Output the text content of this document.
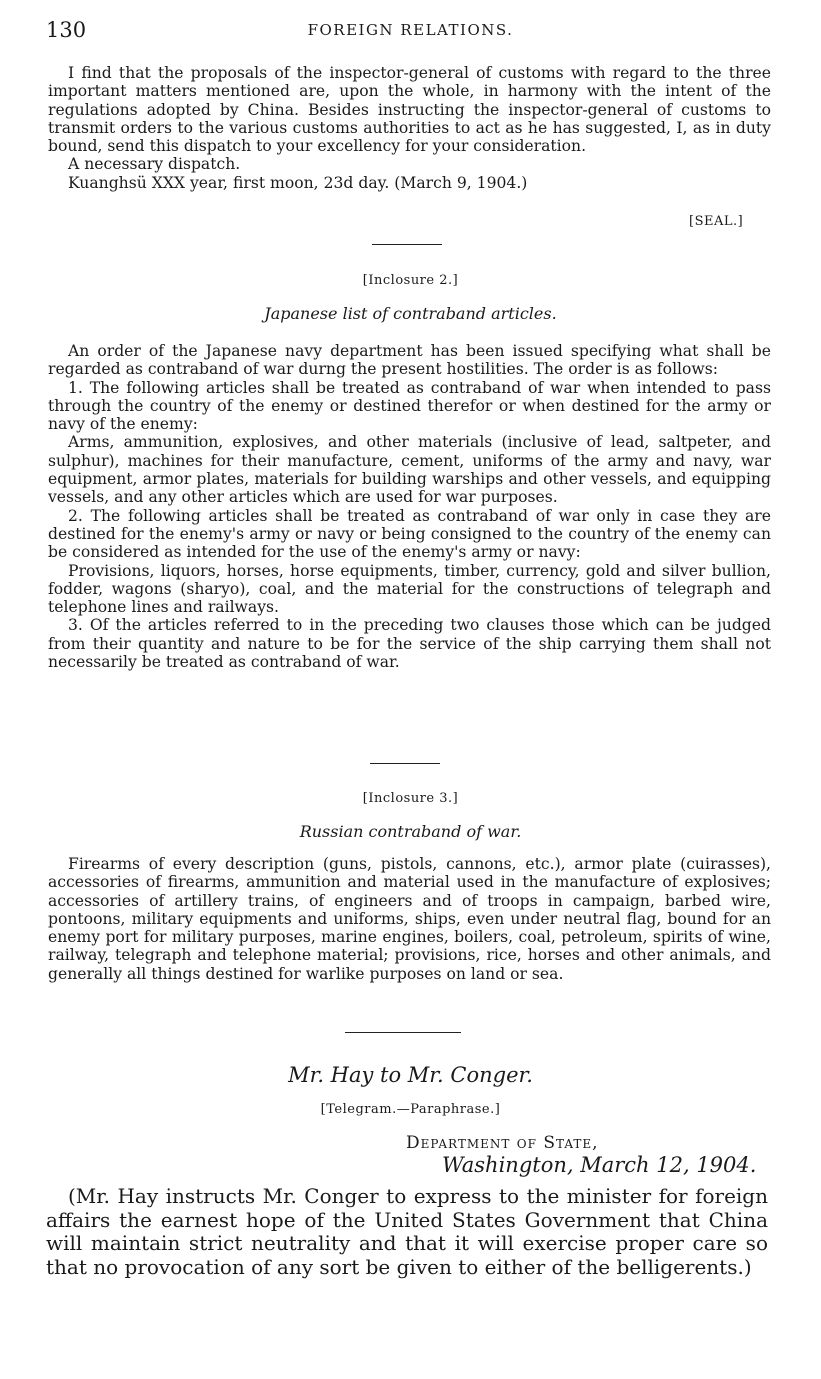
130	FOREIGN RELATIONS.

I find that the proposals of the inspector-general of customs with regard to the three important matters mentioned are, upon the whole, in harmony with the intent of the regulations adopted by China. Besides instructing the inspector-general of customs to transmit orders to the various customs authorities to act as he has suggested, I, as in duty bound, send this dispatch to your excellency for your consideration.

A necessary dispatch.

Kuanghsü XXX year, first moon, 23d day. (March 9, 1904.)

[SEAL.]
[Inclosure 2.]
Japanese list of contraband articles.

An order of the Japanese navy department has been issued specifying what shall be regarded as contraband of war durng the present hostilities. The order is as follows:

1. The following articles shall be treated as contraband of war when intended to pass through the country of the enemy or destined therefor or when destined for the army or navy of the enemy:

Arms, ammunition, explosives, and other materials (inclusive of lead, saltpeter, and sulphur), machines for their manufacture, cement, uniforms of the army and navy, war equipment, armor plates, materials for building warships and other vessels, and equipping vessels, and any other articles which are used for war purposes.

2. The following articles shall be treated as contraband of war only in case they are destined for the enemy's army or navy or being consigned to the country of the enemy can be considered as intended for the use of the enemy's army or navy:

Provisions, liquors, horses, horse equipments, timber, currency, gold and silver bullion, fodder, wagons (sharyo), coal, and the material for the constructions of telegraph and telephone lines and railways.

3. Of the articles referred to in the preceding two clauses those which can be judged from their quantity and nature to be for the service of the ship carrying them shall not necessarily be treated as contraband of war.

[Inclosure 3.]
Russian contraband of war.

Firearms of every description (guns, pistols, cannons, etc.), armor plate (cuirasses), accessories of firearms, ammunition and material used in the manufacture of explosives; accessories of artillery trains, of engineers and of troops in campaign, barbed wire, pontoons, military equipments and uniforms, ships, even under neutral flag, bound for an enemy port for military purposes, marine engines, boilers, coal, petroleum, spirits of wine, railway, telegraph and telephone material; provisions, rice, horses and other animals, and generally all things destined for warlike purposes on land or sea.

Mr. Hay to Mr. Conger.
[Telegram.—Paraphrase.]
Department of State,
Washington, March 12, 1904.

(Mr. Hay instructs Mr. Conger to express to the minister for foreign affairs the earnest hope of the United States Government that China will maintain strict neutrality and that it will exercise proper care so that no provocation of any sort be given to either of the belligerents.)
